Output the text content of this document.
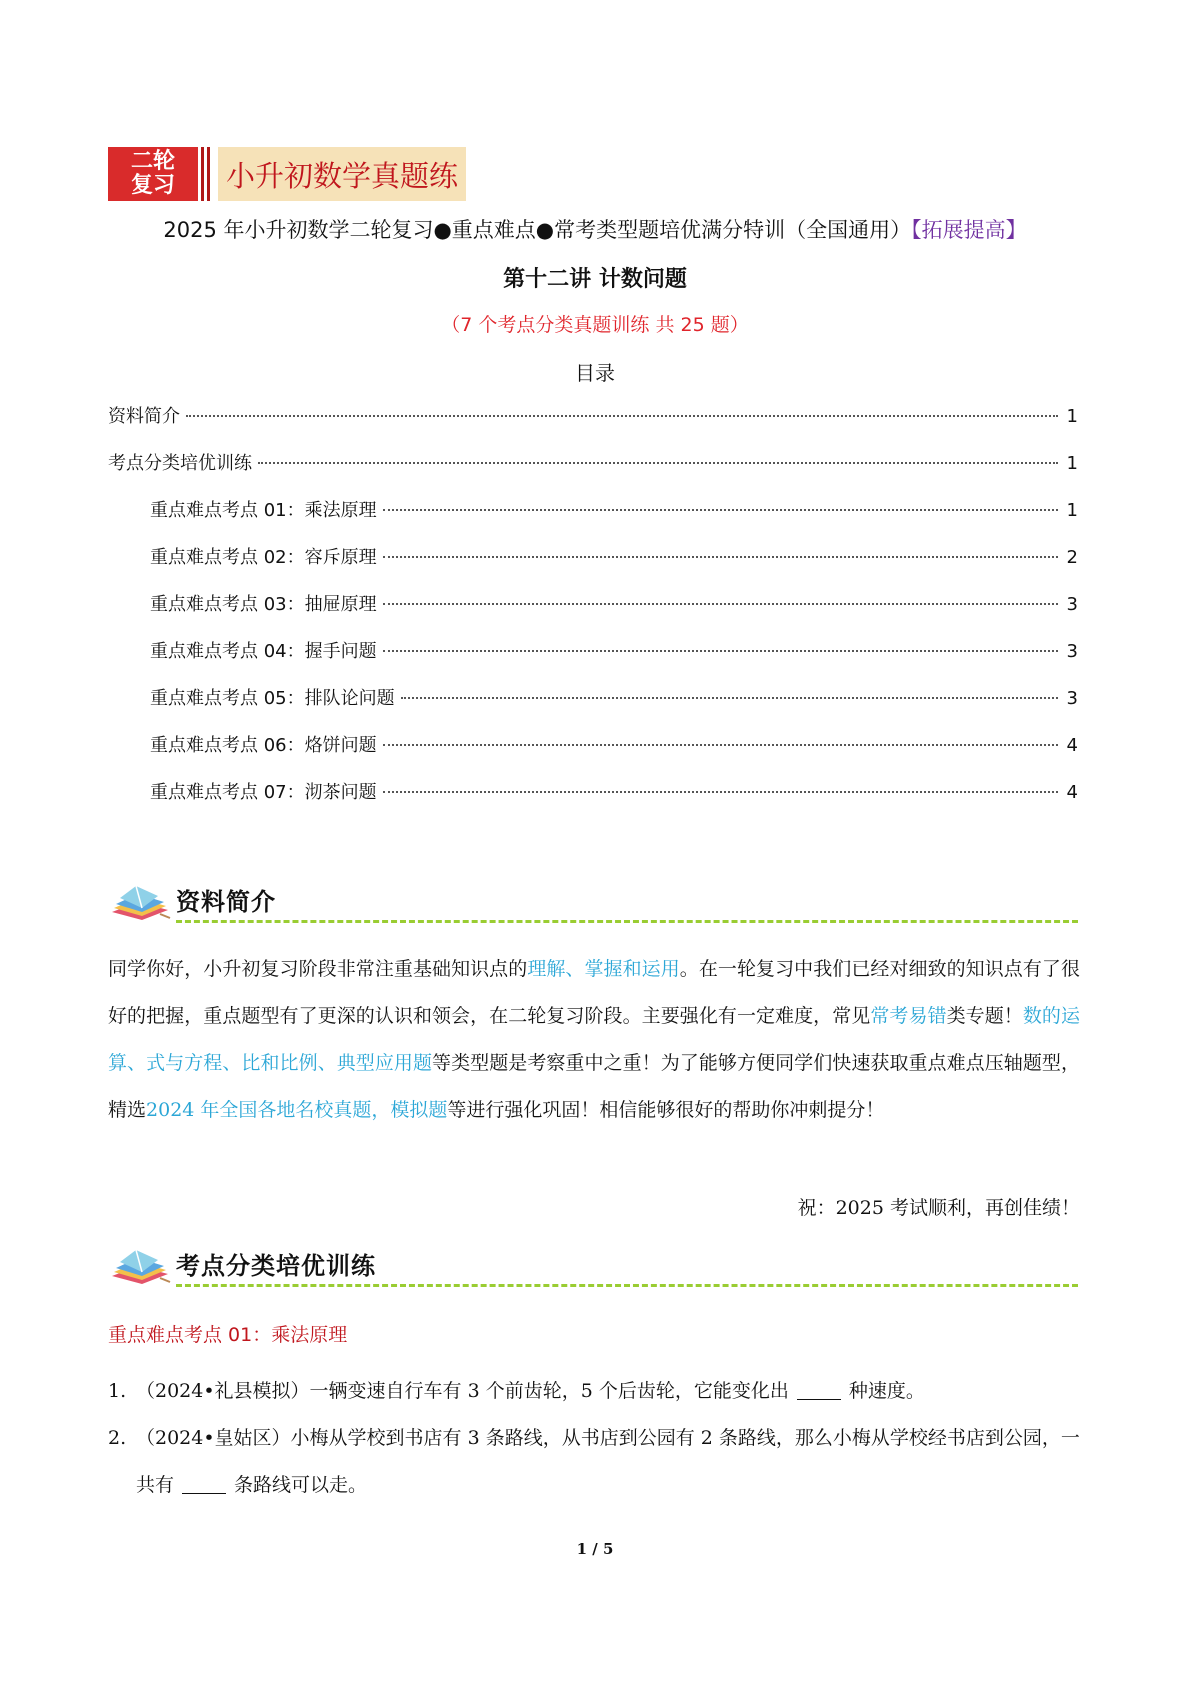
二轮
复习 小升初数学真题练
2025 年小升初数学二轮复习●重点难点●常考类型题培优满分特训（全国通用）【拓展提高】
第十二讲 计数问题
（7 个考点分类真题训练 共 25 题）
目录
资料简介	1
考点分类培优训练	1
重点难点考点 01：乘法原理	1
重点难点考点 02：容斥原理	2
重点难点考点 03：抽屉原理	3
重点难点考点 04：握手问题	3
重点难点考点 05：排队论问题	3
重点难点考点 06：烙饼问题	4
重点难点考点 07：沏茶问题	4
资料简介
同学你好，小升初复习阶段非常注重基础知识点的理解、掌握和运用。在一轮复习中我们已经对细致的知识点有了很好的把握，重点题型有了更深的认识和领会，在二轮复习阶段。主要强化有一定难度，常见常考易错类专题！数的运算、式与方程、比和比例、典型应用题等类型题是考察重中之重！为了能够方便同学们快速获取重点难点压轴题型，精选2024 年全国各地名校真题，模拟题等进行强化巩固！相信能够很好的帮助你冲刺提分！
祝：2025 考试顺利，再创佳绩！
考点分类培优训练
重点难点考点 01：乘法原理
1. （2024•礼县模拟）一辆变速自行车有 3 个前齿轮，5 个后齿轮，它能变化出	种速度。
2. （2024•皇姑区）小梅从学校到书店有 3 条路线，从书店到公园有 2 条路线，那么小梅从学校经书店到公园，一共有	条路线可以走。
1 / 5
